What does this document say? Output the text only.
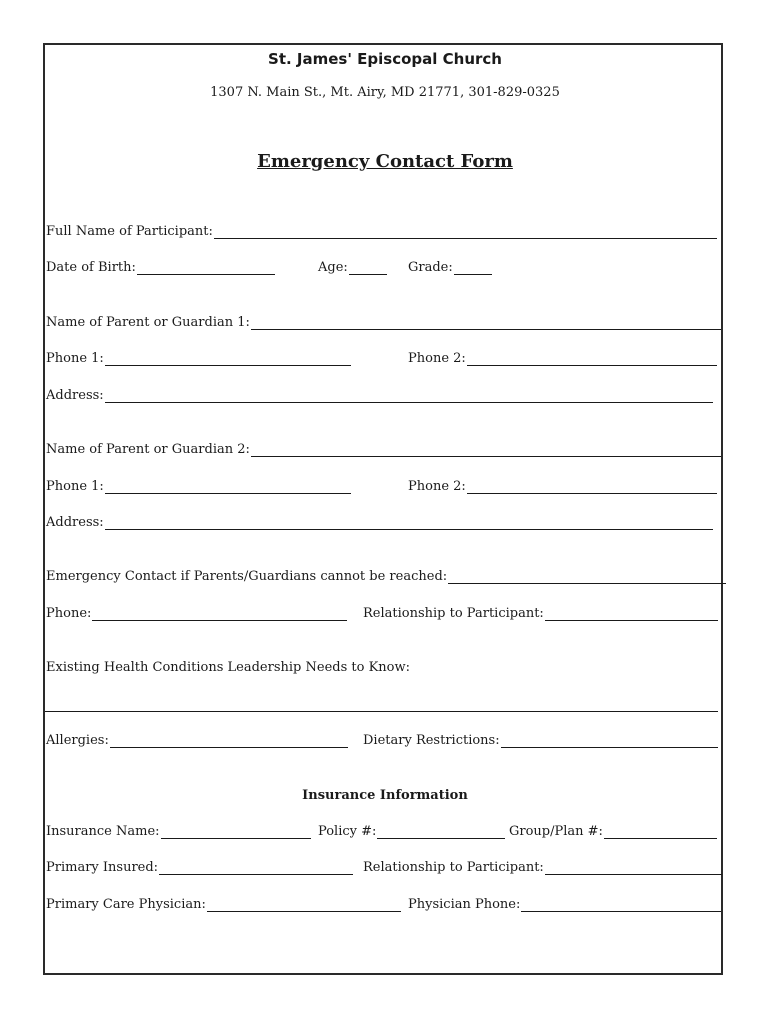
St. James' Episcopal Church
1307 N. Main St., Mt. Airy, MD 21771, 301-829-0325
Emergency Contact Form
Full Name of Participant:
Date of Birth:	Age:	Grade:
Name of Parent or Guardian 1:
Phone 1:	Phone 2:
Address:
Name of Parent or Guardian 2:
Phone 1:	Phone 2:
Address:
Emergency Contact if Parents/Guardians cannot be reached:
Phone:	Relationship to Participant:
Existing Health Conditions Leadership Needs to Know:
Allergies:	Dietary Restrictions:
Insurance Information
Insurance Name:	Policy #:	Group/Plan #:
Primary Insured:	Relationship to Participant:
Primary Care Physician:	Physician Phone:
